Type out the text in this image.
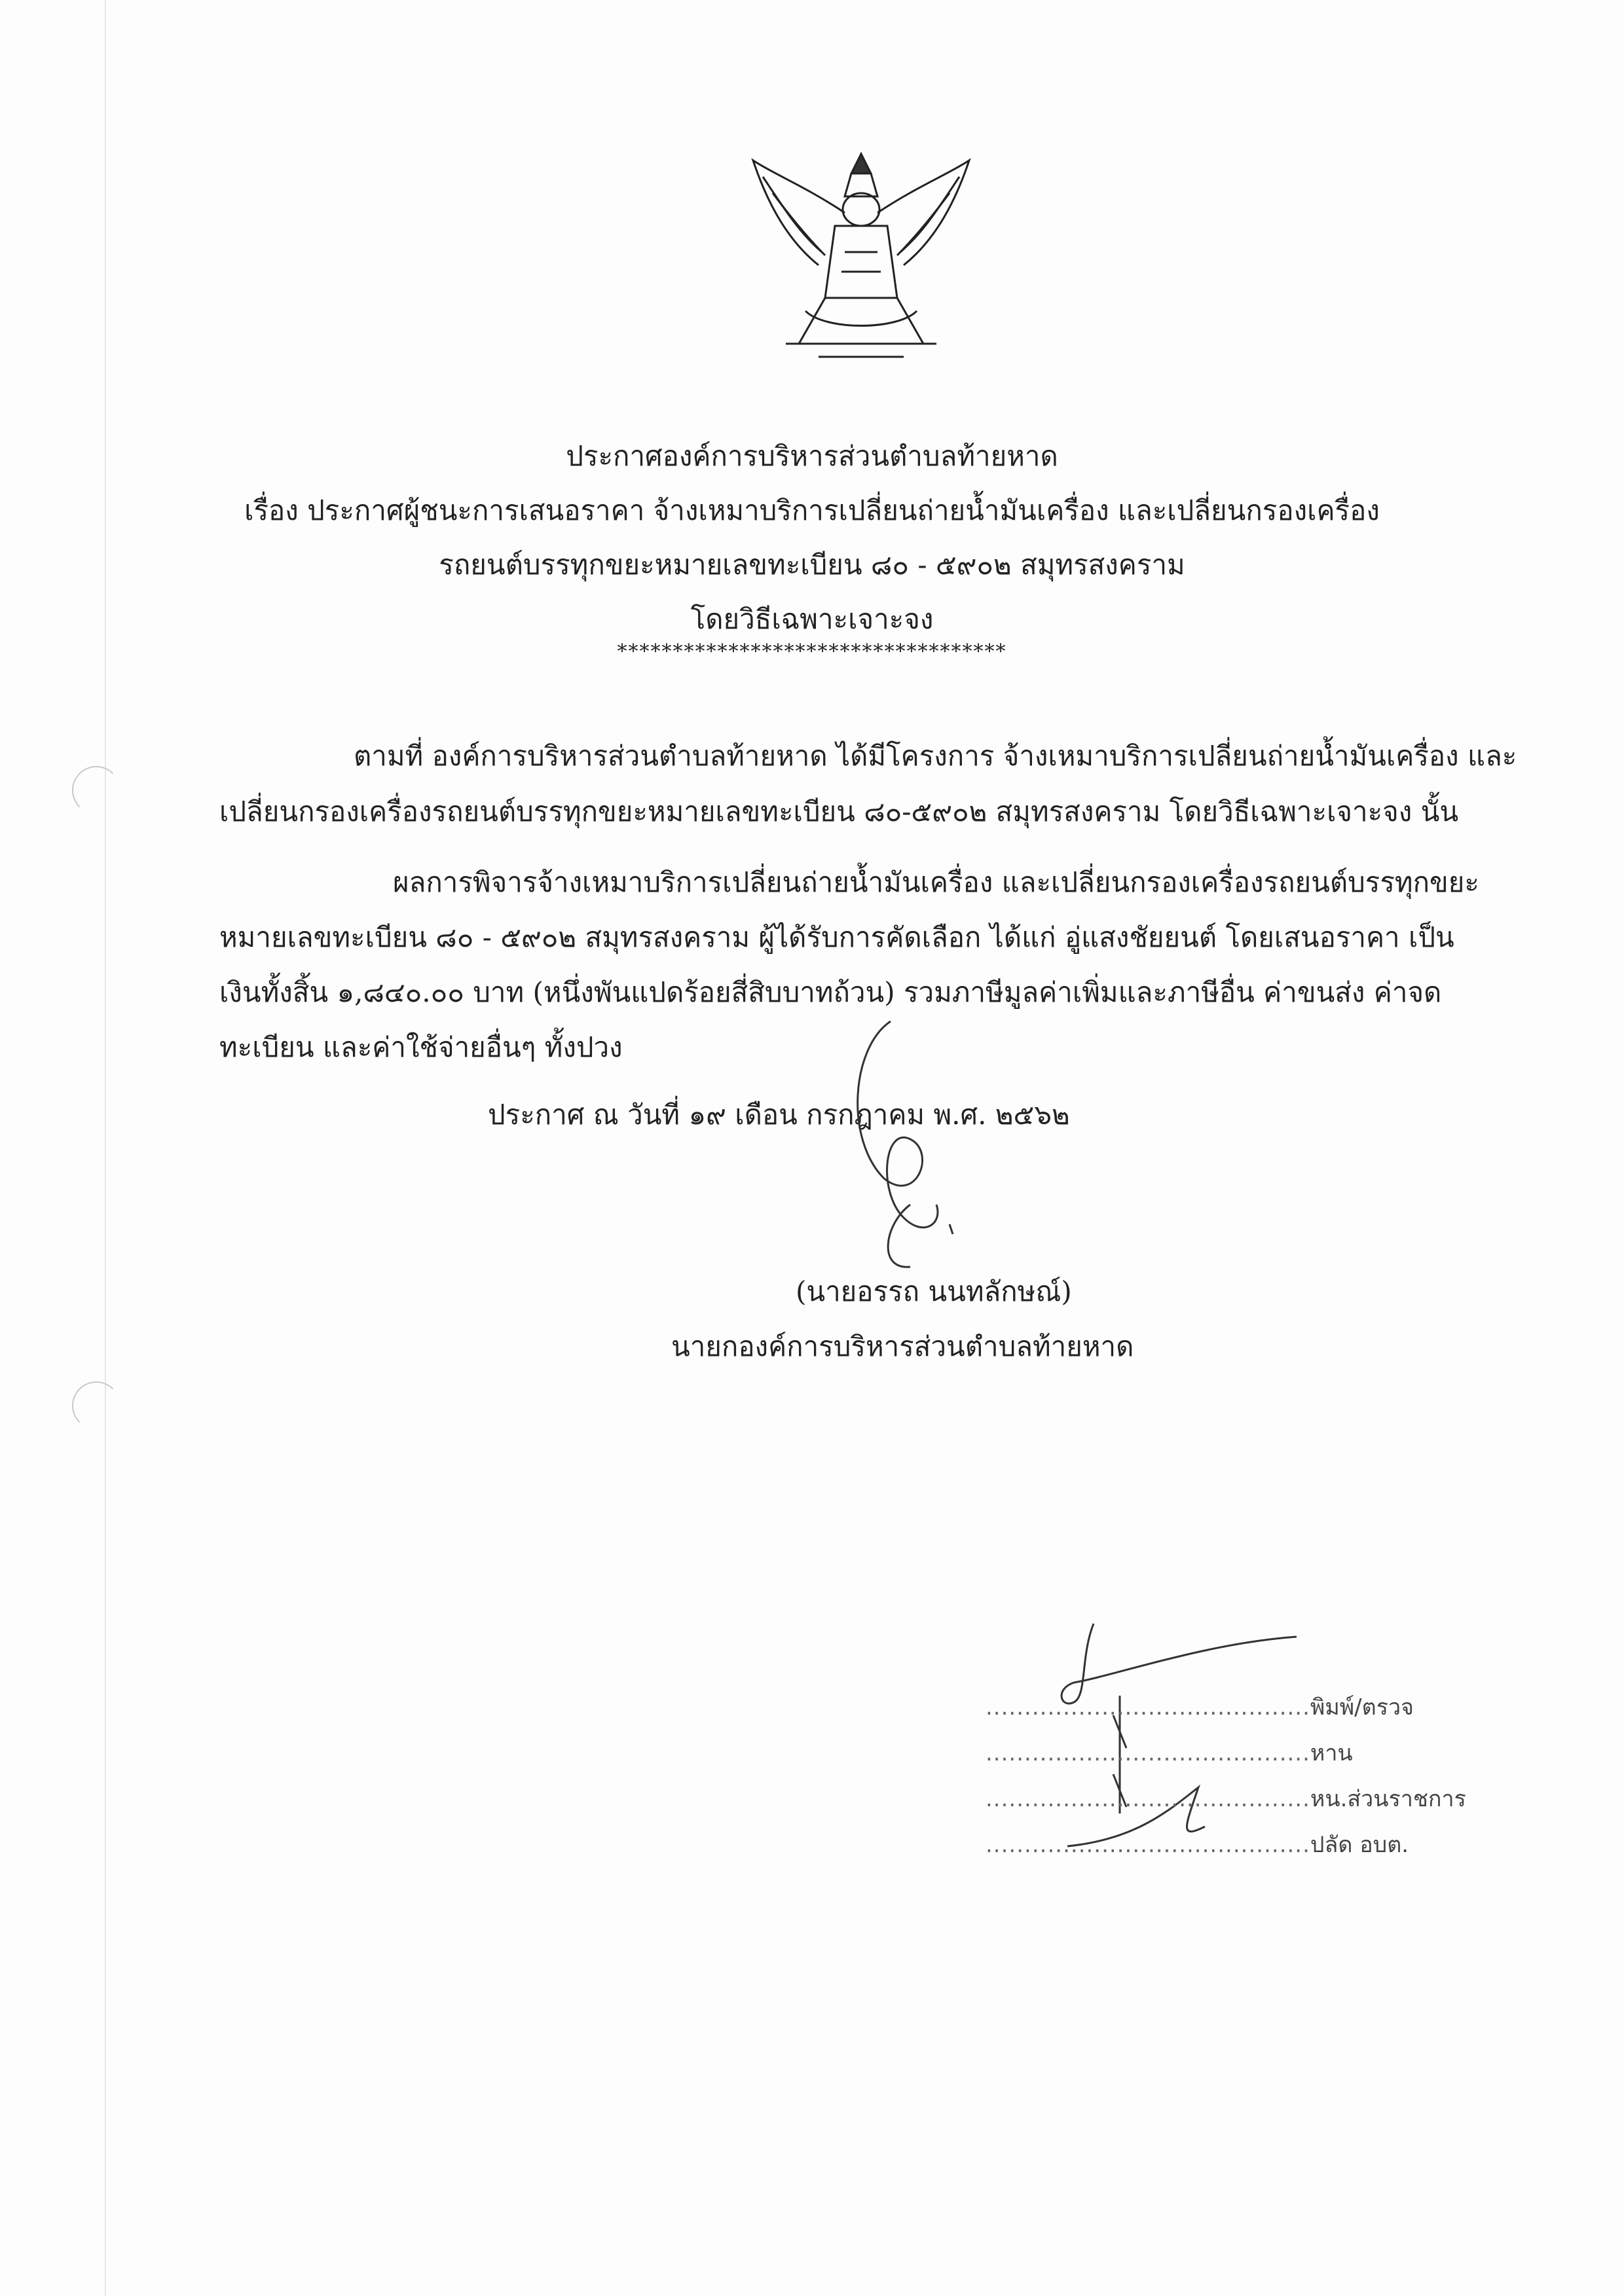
ประกาศองค์การบริหารส่วนตำบลท้ายหาด
เรื่อง ประกาศผู้ชนะการเสนอราคา จ้างเหมาบริการเปลี่ยนถ่ายน้ำมันเครื่อง และเปลี่ยนกรองเครื่อง
รถยนต์บรรทุกขยะหมายเลขทะเบียน ๘๐ - ๕๙๐๒ สมุทรสงคราม
โดยวิธีเฉพาะเจาะจง
***********************************
ตามที่ องค์การบริหารส่วนตำบลท้ายหาด ได้มีโครงการ จ้างเหมาบริการเปลี่ยนถ่ายน้ำมันเครื่อง และ
เปลี่ยนกรองเครื่องรถยนต์บรรทุกขยะหมายเลขทะเบียน ๘๐-๕๙๐๒ สมุทรสงคราม โดยวิธีเฉพาะเจาะจง นั้น
ผลการพิจารจ้างเหมาบริการเปลี่ยนถ่ายน้ำมันเครื่อง และเปลี่ยนกรองเครื่องรถยนต์บรรทุกขยะ
หมายเลขทะเบียน ๘๐ - ๕๙๐๒ สมุทรสงคราม ผู้ได้รับการคัดเลือก ได้แก่ อู่แสงชัยยนต์ โดยเสนอราคา เป็น
เงินทั้งสิ้น ๑,๘๔๐.๐๐ บาท (หนึ่งพันแปดร้อยสี่สิบบาทถ้วน) รวมภาษีมูลค่าเพิ่มและภาษีอื่น ค่าขนส่ง ค่าจด
ทะเบียน และค่าใช้จ่ายอื่นๆ ทั้งปวง
ประกาศ ณ วันที่ ๑๙ เดือน กรกฎาคม พ.ศ. ๒๕๖๒
(นายอรรถ นนทลักษณ์)
นายกองค์การบริหารส่วนตำบลท้ายหาด
..........................................พิมพ์/ตรวจ
..........................................หาน
..........................................หน.ส่วนราชการ
..........................................ปลัด อบต.
